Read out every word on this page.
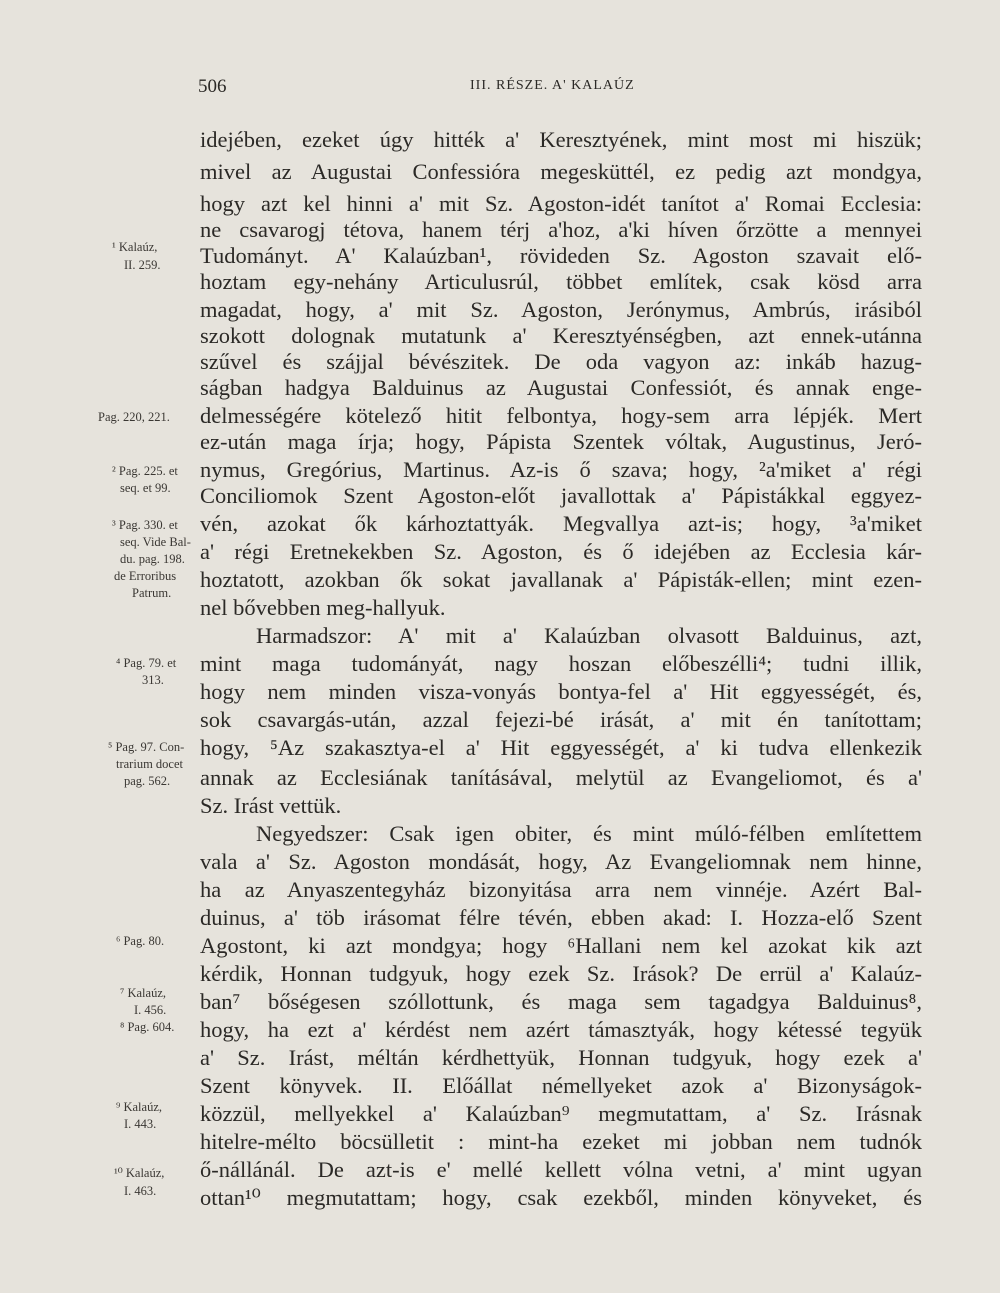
506	III. RÉSZE. A' KALAÚZ
idejében, ezeket úgy hitték a' Keresztyének, mint most mi hiszük;
mivel az Augustai Confessióra megesküttél, ez pedig azt mondgya,
hogy azt kel hinni a' mit Sz. Agoston-idét tanítot a' Romai Ecclesia:
ne csavarogj tétova, hanem térj a'hoz, a'ki híven őrzötte a mennyei
Tudományt. A' Kalaúzban¹, rövideden Sz. Agoston szavait elő-
hoztam egy-nehány Articulusrúl, többet említek, csak kösd arra
magadat, hogy, a' mit Sz. Agoston, Jerónymus, Ambrús, irásiból
szokott dolognak mutatunk a' Keresztyénségben, azt ennek-utánna
szűvel és szájjal bévészitek. De oda vagyon az: inkáb hazug-
ságban hadgya Balduinus az Augustai Confessiót, és annak enge-
delmességére kötelező hitit felbontya, hogy-sem arra lépjék. Mert
ez-után maga írja; hogy, Pápista Szentek vóltak, Augustinus, Jeró-
nymus, Gregórius, Martinus. Az-is ő szava; hogy, ²a'miket a' régi
Conciliomok Szent Agoston-előt javallottak a' Pápistákkal eggyez-
vén, azokat ők kárhoztattyák. Megvallya azt-is; hogy, ³a'miket
a' régi Eretnekekben Sz. Agoston, és ő idejében az Ecclesia kár-
hoztatott, azokban ők sokat javallanak a' Pápisták-ellen; mint ezen-
nel bővebben meg-hallyuk.
Harmadszor: A' mit a' Kalaúzban olvasott Balduinus, azt,
mint maga tudományát, nagy hoszan előbeszélli⁴; tudni illik,
hogy nem minden visza-vonyás bontya-fel a' Hit eggyességét, és,
sok csavargás-után, azzal fejezi-bé irását, a' mit én tanítottam;
hogy, ⁵Az szakasztya-el a' Hit eggyességét, a' ki tudva ellenkezik
annak az Ecclesiának tanításával, melytül az Evangeliomot, és a'
Sz. Irást vettük.
Negyedszer: Csak igen obiter, és mint múló-félben említettem
vala a' Sz. Agoston mondását, hogy, Az Evangeliomnak nem hinne,
ha az Anyaszentegyház bizonyitása arra nem vinnéje. Azért Bal-
duinus, a' töb irásomat félre tévén, ebben akad: I. Hozza-elő Szent
Agostont, ki azt mondgya; hogy ⁶Hallani nem kel azokat kik azt
kérdik, Honnan tudgyuk, hogy ezek Sz. Irások? De errül a' Kalaúz-
ban⁷ bőségesen szóllottunk, és maga sem tagadgya Balduinus⁸,
hogy, ha ezt a' kérdést nem azért támasztyák, hogy kétessé tegyük
a' Sz. Irást, méltán kérdhettyük, Honnan tudgyuk, hogy ezek a'
Szent könyvek. II. Előállat némellyeket azok a' Bizonyságok-
közzül, mellyekkel a' Kalaúzban⁹ megmutattam, a' Sz. Irásnak
hitelre-mélto böcsülletit : mint-ha ezeket mi jobban nem tudnók
ő-nállánál. De azt-is e' mellé kellett vólna vetni, a' mint ugyan
ottan¹⁰ megmutattam; hogy, csak ezekből, minden könyveket, és
¹ Kalaúz,
II. 259.
Pag. 220, 221.
² Pag. 225. et
seq. et 99.
³ Pag. 330. et
seq. Vide Bal-
du. pag. 198.
de Erroribus
Patrum.
⁴ Pag. 79. et
313.
⁵ Pag. 97. Con-
trarium docet
pag. 562.
⁶ Pag. 80.
⁷ Kalaúz,
I. 456.
⁸ Pag. 604.
⁹ Kalaúz,
I. 443.
¹⁰ Kalaúz,
I. 463.
